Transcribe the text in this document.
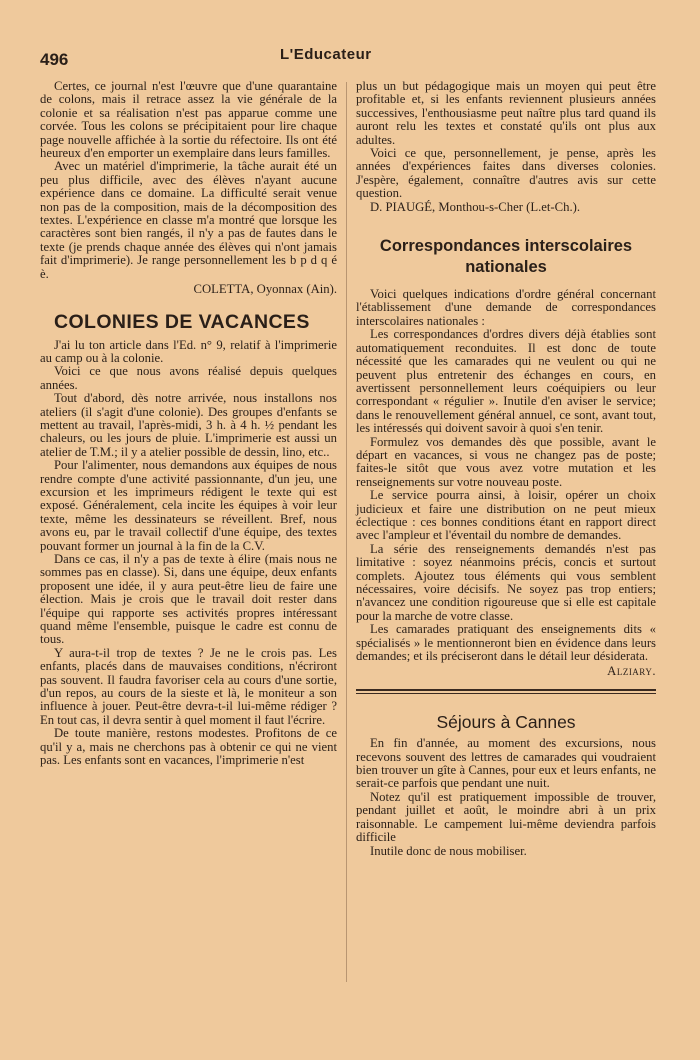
496	L'Educateur

Certes, ce journal n'est l'œuvre que d'une quarantaine de colons, mais il retrace assez la vie générale de la colonie et sa réalisation n'est pas apparue comme une corvée. Tous les colons se précipitaient pour lire chaque page nouvelle affichée à la sortie du réfectoire. Ils ont été heureux d'en emporter un exemplaire dans leurs familles.

Avec un matériel d'imprimerie, la tâche aurait été un peu plus difficile, avec des élèves n'ayant aucune expérience dans ce domaine. La difficulté serait venue non pas de la composition, mais de la décomposition des textes. L'expérience en classe m'a montré que lorsque les caractères sont bien rangés, il n'y a pas de fautes dans le texte (je prends chaque année des élèves qui n'ont jamais fait d'imprimerie). Je range personnellement les b p d q é è.

COLETTA, Oyonnax (Ain).

COLONIES DE VACANCES

J'ai lu ton article dans l'Ed. n° 9, relatif à l'imprimerie au camp ou à la colonie.

Voici ce que nous avons réalisé depuis quelques années.

Tout d'abord, dès notre arrivée, nous installons nos ateliers (il s'agit d'une colonie). Des groupes d'enfants se mettent au travail, l'après-midi, 3 h. à 4 h. ½ pendant les chaleurs, ou les jours de pluie. L'imprimerie est aussi un atelier de T.M.; il y a atelier possible de dessin, lino, etc..

Pour l'alimenter, nous demandons aux équipes de nous rendre compte d'une activité passionnante, d'un jeu, une excursion et les imprimeurs rédigent le texte qui est exposé. Généralement, cela incite les équipes à voir leur texte, même les dessinateurs se réveillent. Bref, nous avons eu, par le travail collectif d'une équipe, des textes pouvant former un journal à la fin de la C.V.

Dans ce cas, il n'y a pas de texte à élire (mais nous ne sommes pas en classe). Si, dans une équipe, deux enfants proposent une idée, il y aura peut-être lieu de faire une élection. Mais je crois que le travail doit rester dans l'équipe qui rapporte ses activités propres intéressant quand même l'ensemble, puisque le cadre est connu de tous.

Y aura-t-il trop de textes ? Je ne le crois pas. Les enfants, placés dans de mauvaises conditions, n'écriront pas souvent. Il faudra favoriser cela au cours d'une sortie, d'un repos, au cours de la sieste et là, le moniteur a son influence à jouer. Peut-être devra-t-il lui-même rédiger ? En tout cas, il devra sentir à quel moment il faut l'écrire.

De toute manière, restons modestes. Profitons de ce qu'il y a, mais ne cherchons pas à obtenir ce qui ne vient pas. Les enfants sont en vacances, l'imprimerie n'est

plus un but pédagogique mais un moyen qui peut être profitable et, si les enfants reviennent plusieurs années successives, l'enthousiasme peut naître plus tard quand ils auront relu les textes et constaté qu'ils ont plus aux adultes.

Voici ce que, personnellement, je pense, après les années d'expériences faites dans diverses colonies. J'espère, également, connaître d'autres avis sur cette question.

D. PIAUGÉ, Monthou-s-Cher (L.et-Ch.).

Correspondances interscolaires nationales

Voici quelques indications d'ordre général concernant l'établissement d'une demande de correspondances interscolaires nationales :

Les correspondances d'ordres divers déjà établies sont automatiquement reconduites. Il est donc de toute nécessité que les camarades qui ne veulent ou qui ne peuvent plus entretenir des échanges en cours, en avertissent personnellement leurs coéquipiers ou leur correspondant « régulier ». Inutile d'en aviser le service; dans le renouvellement général annuel, ce sont, avant tout, les intéressés qui doivent savoir à quoi s'en tenir.

Formulez vos demandes dès que possible, avant le départ en vacances, si vous ne changez pas de poste; faites-le sitôt que vous avez votre mutation et les renseignements sur votre nouveau poste.

Le service pourra ainsi, à loisir, opérer un choix judicieux et faire une distribution on ne peut mieux éclectique : ces bonnes conditions étant en rapport direct avec l'ampleur et l'éventail du nombre de demandes.

La série des renseignements demandés n'est pas limitative : soyez néanmoins précis, concis et surtout complets. Ajoutez tous éléments qui vous semblent nécessaires, voire décisifs. Ne soyez pas trop entiers; n'avancez une condition rigoureuse que si elle est capitale pour la marche de votre classe.

Les camarades pratiquant des enseignements dits « spécialisés » le mentionneront bien en évidence dans leurs demandes; et ils préciseront dans le détail leur désiderata.

Alziary.

Séjours à Cannes

En fin d'année, au moment des excursions, nous recevons souvent des lettres de camarades qui voudraient bien trouver un gîte à Cannes, pour eux et leurs enfants, ne serait-ce parfois que pendant une nuit.

Notez qu'il est pratiquement impossible de trouver, pendant juillet et août, le moindre abri à un prix raisonnable. Le campement lui-même deviendra parfois difficile

Inutile donc de nous mobiliser.
